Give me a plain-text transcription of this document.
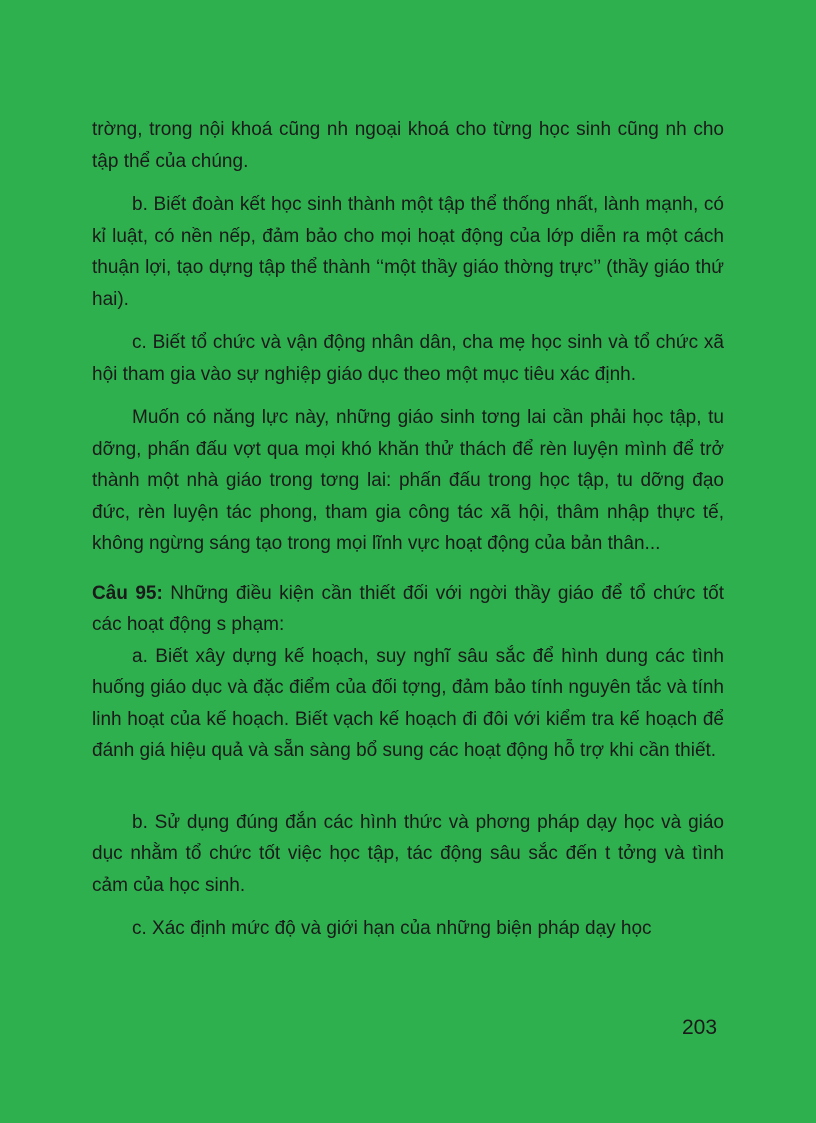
trờng, trong nội khoá cũng nh ngoại khoá cho từng học sinh cũng nh cho tập thể của chúng.

b. Biết đoàn kết học sinh thành một tập thể thống nhất, lành mạnh, có kỉ luật, có nền nếp, đảm bảo cho mọi hoạt động của lớp diễn ra một cách thuận lợi, tạo dựng tập thể thành ‘‘một thầy giáo thờng trực’’ (thầy giáo thứ hai).

c. Biết tổ chức và vận động nhân dân, cha mẹ học sinh và tổ chức xã hội tham gia vào sự nghiệp giáo dục theo một mục tiêu xác định.

Muốn có năng lực này, những giáo sinh tơng lai cần phải học tập, tu dỡng, phấn đấu vợt qua mọi khó khăn thử thách để rèn luyện mình để trở thành một nhà giáo trong tơng lai: phấn đấu trong học tập, tu dỡng đạo đức, rèn luyện tác phong, tham gia công tác xã hội, thâm nhập thực tế, không ngừng sáng tạo trong mọi lĩnh vực hoạt động của bản thân...

Câu 95: Những điều kiện cần thiết đối với ngời thầy giáo để tổ chức tốt các hoạt động s phạm:

a. Biết xây dựng kế hoạch, suy nghĩ sâu sắc để hình dung các tình huống giáo dục và đặc điểm của đối tợng, đảm bảo tính nguyên tắc và tính linh hoạt của kế hoạch. Biết vạch kế hoạch đi đôi với kiểm tra kế hoạch để đánh giá hiệu quả và sẵn sàng bổ sung các hoạt động hỗ trợ khi cần thiết.

b. Sử dụng đúng đắn các hình thức và phơng pháp dạy học và giáo dục nhằm tổ chức tốt việc học tập, tác động sâu sắc đến t tởng và tình cảm của học sinh.

c. Xác định mức độ và giới hạn của những biện pháp dạy học

203
